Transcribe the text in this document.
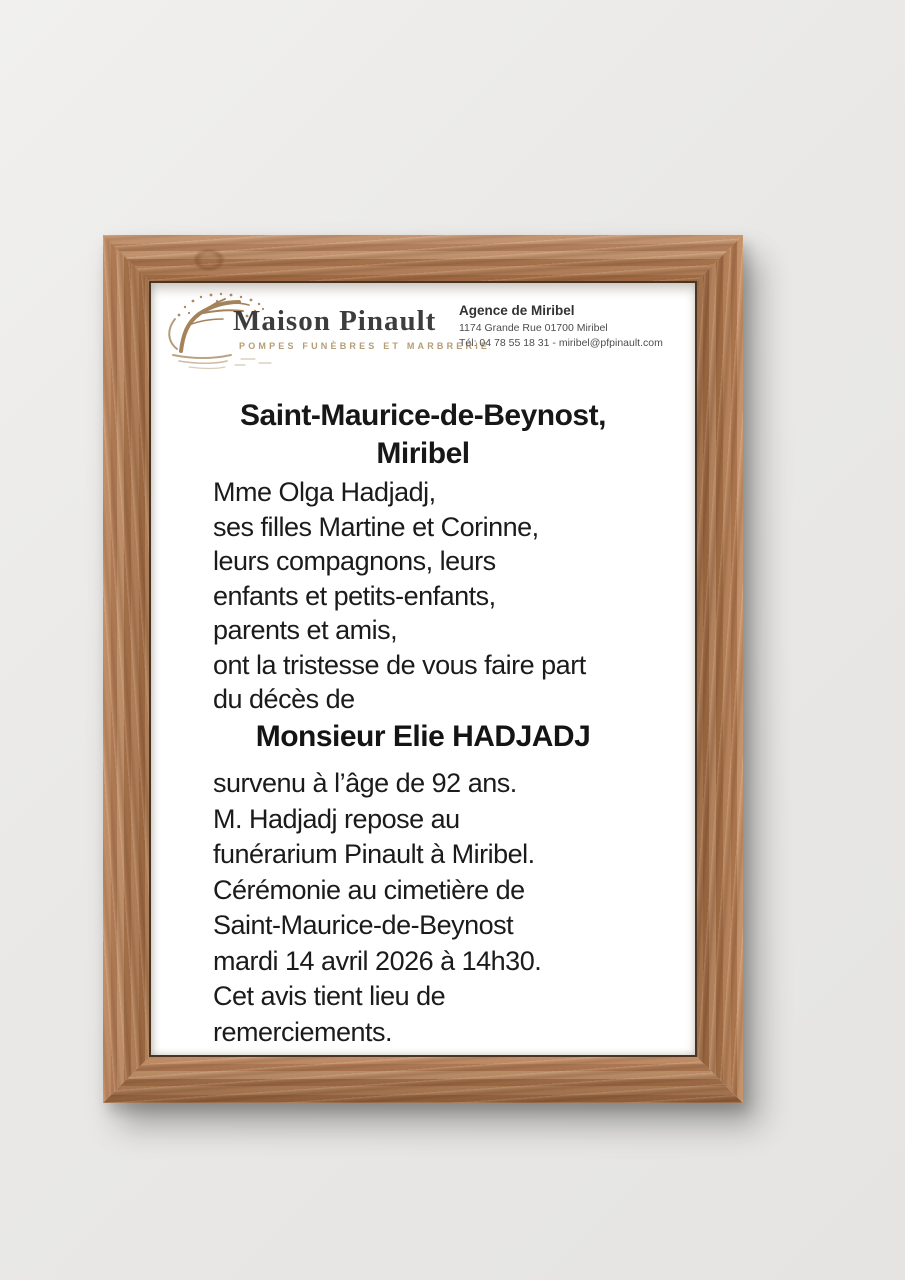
Maison Pinault
POMPES FUNÈBRES ET MARBRERIE
Agence de Miribel
1174 Grande Rue 01700 Miribel
Tél: 04 78 55 18 31 - miribel@pfpinault.com
Saint-Maurice-de-Beynost,
Miribel
Mme Olga Hadjadj,
ses filles Martine et Corinne,
leurs compagnons, leurs
enfants et petits-enfants,
parents et amis,
ont la tristesse de vous faire part
du décès de
Monsieur Elie HADJADJ
survenu à l’âge de 92 ans.
M. Hadjadj repose au
funérarium Pinault à Miribel.
Cérémonie au cimetière de
Saint-Maurice-de-Beynost
mardi 14 avril 2026 à 14h30.
Cet avis tient lieu de
remerciements.
